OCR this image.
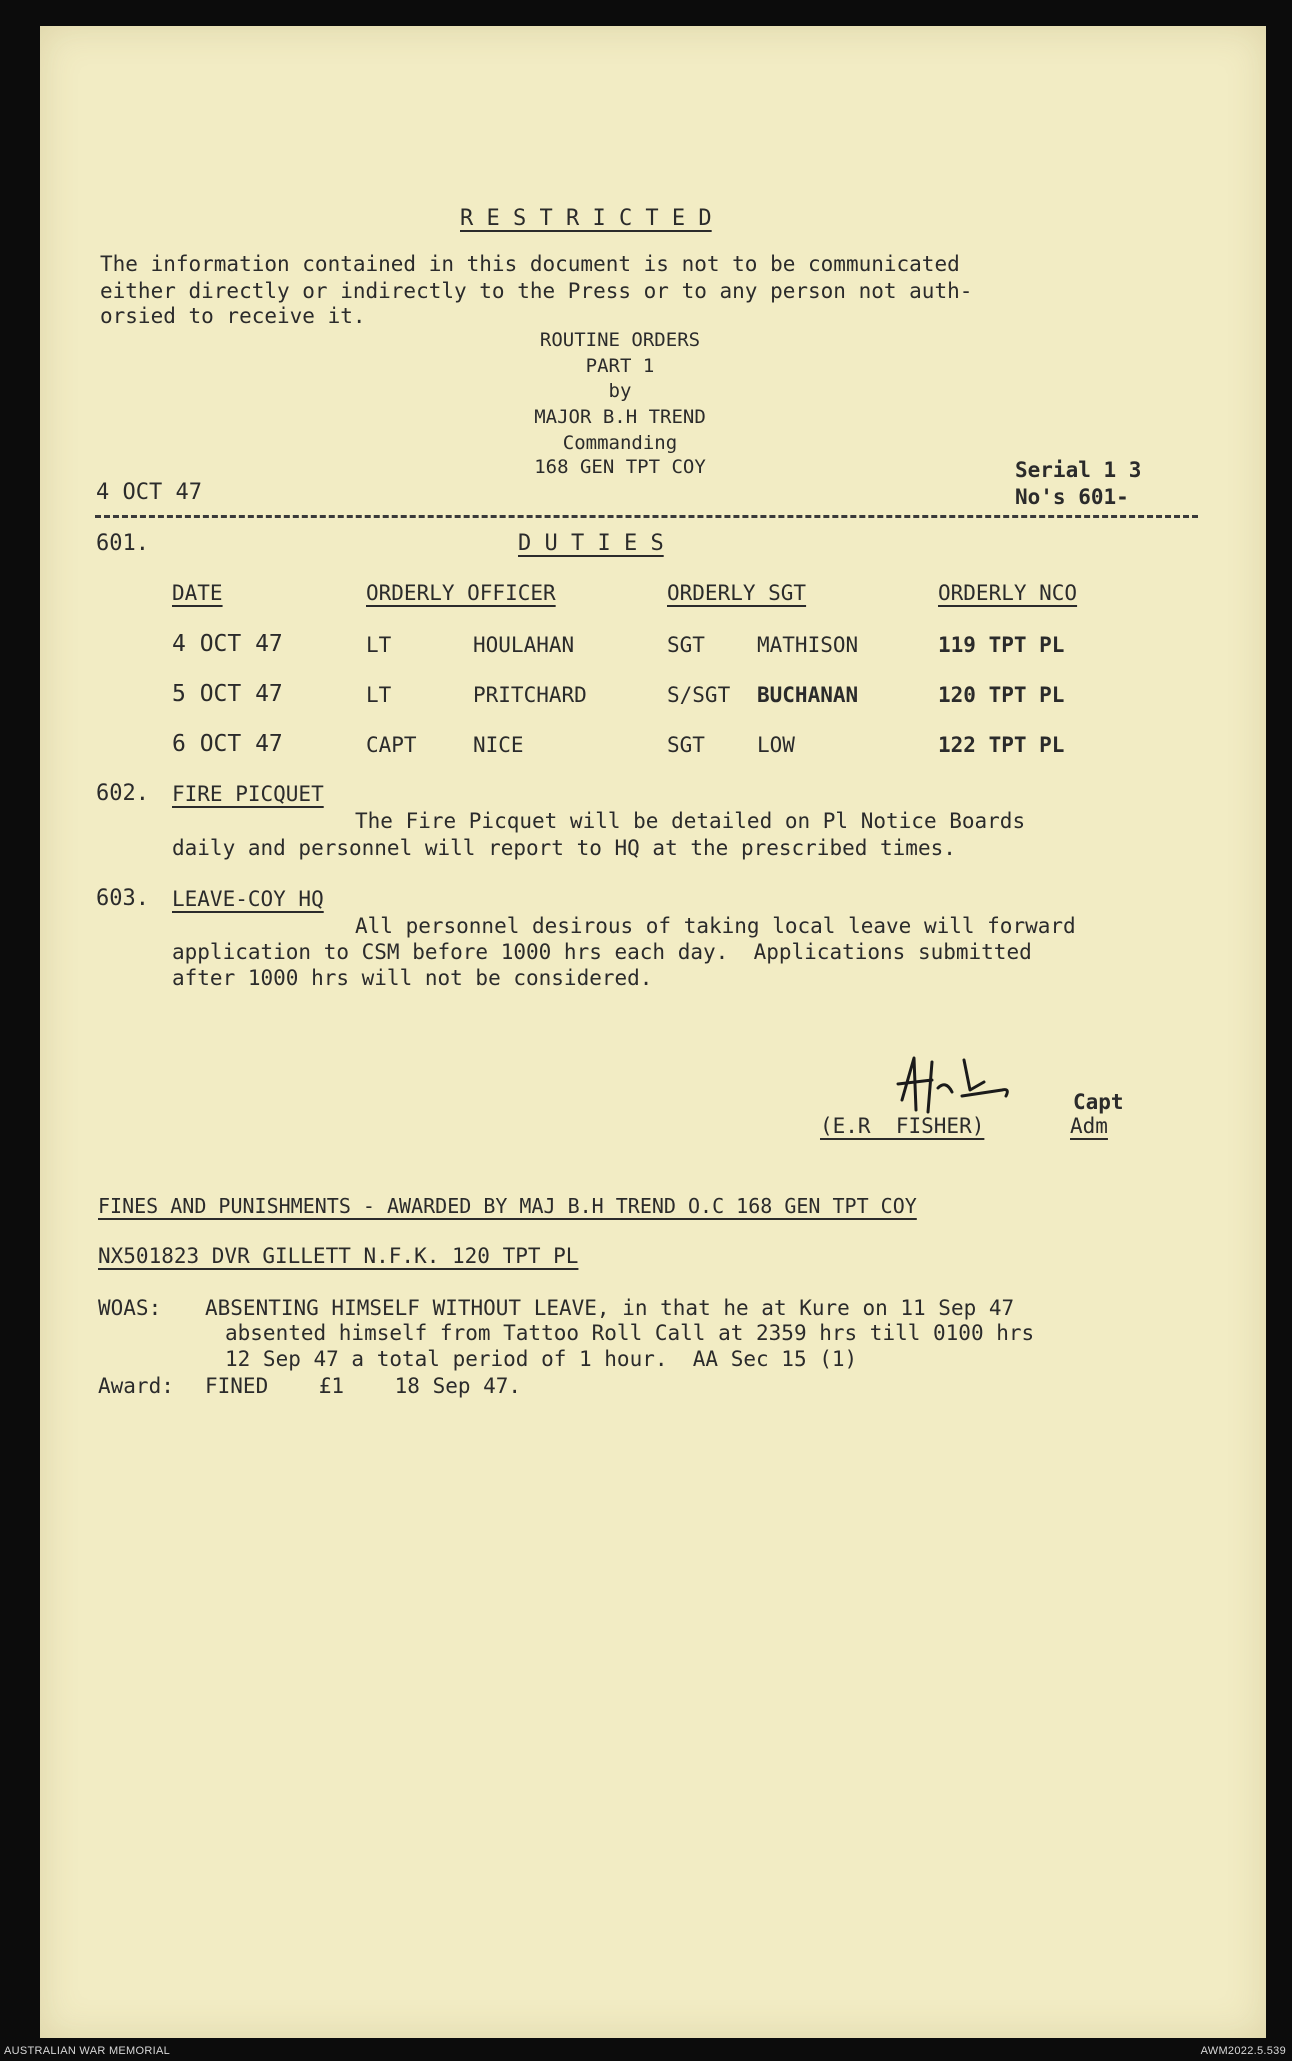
R E S T R I C T E D
The information contained in this document is not to be communicated
either directly or indirectly to the Press or to any person not auth-
orsied to receive it.
ROUTINE ORDERS
PART 1
by
MAJOR B.H TREND
Commanding
168 GEN TPT COY
4 OCT 47
Serial 1 3
No's 601-
601.	D U T I E S
DATE	ORDERLY OFFICER	ORDERLY SGT	ORDERLY NCO
4 OCT 47	LT	HOULAHAN	SGT MATHISON	119 TPT PL
5 OCT 47	LT	PRITCHARD	S/SGT BUCHANAN	120 TPT PL
6 OCT 47	CAPT	NICE	SGT LOW	122 TPT PL
602. FIRE PICQUET
The Fire Picquet will be detailed on Pl Notice Boards
daily and personnel will report to HQ at the prescribed times.
603. LEAVE-COY HQ
All personnel desirous of taking local leave will forward
application to CSM before 1000 hrs each day.  Applications submitted
after 1000 hrs will not be considered.
Capt
(E.R  FISHER)	Adm
FINES AND PUNISHMENTS - AWARDED BY MAJ B.H TREND O.C 168 GEN TPT COY
NX501823 DVR GILLETT N.F.K. 120 TPT PL
WOAS: ABSENTING HIMSELF WITHOUT LEAVE, in that he at Kure on 11 Sep 47
absented himself from Tattoo Roll Call at 2359 hrs till 0100 hrs
12 Sep 47 a total period of 1 hour.  AA Sec 15 (1)
Award: FINED    £1    18 Sep 47.
AUSTRALIAN WAR MEMORIAL	AWM2022.5.539
